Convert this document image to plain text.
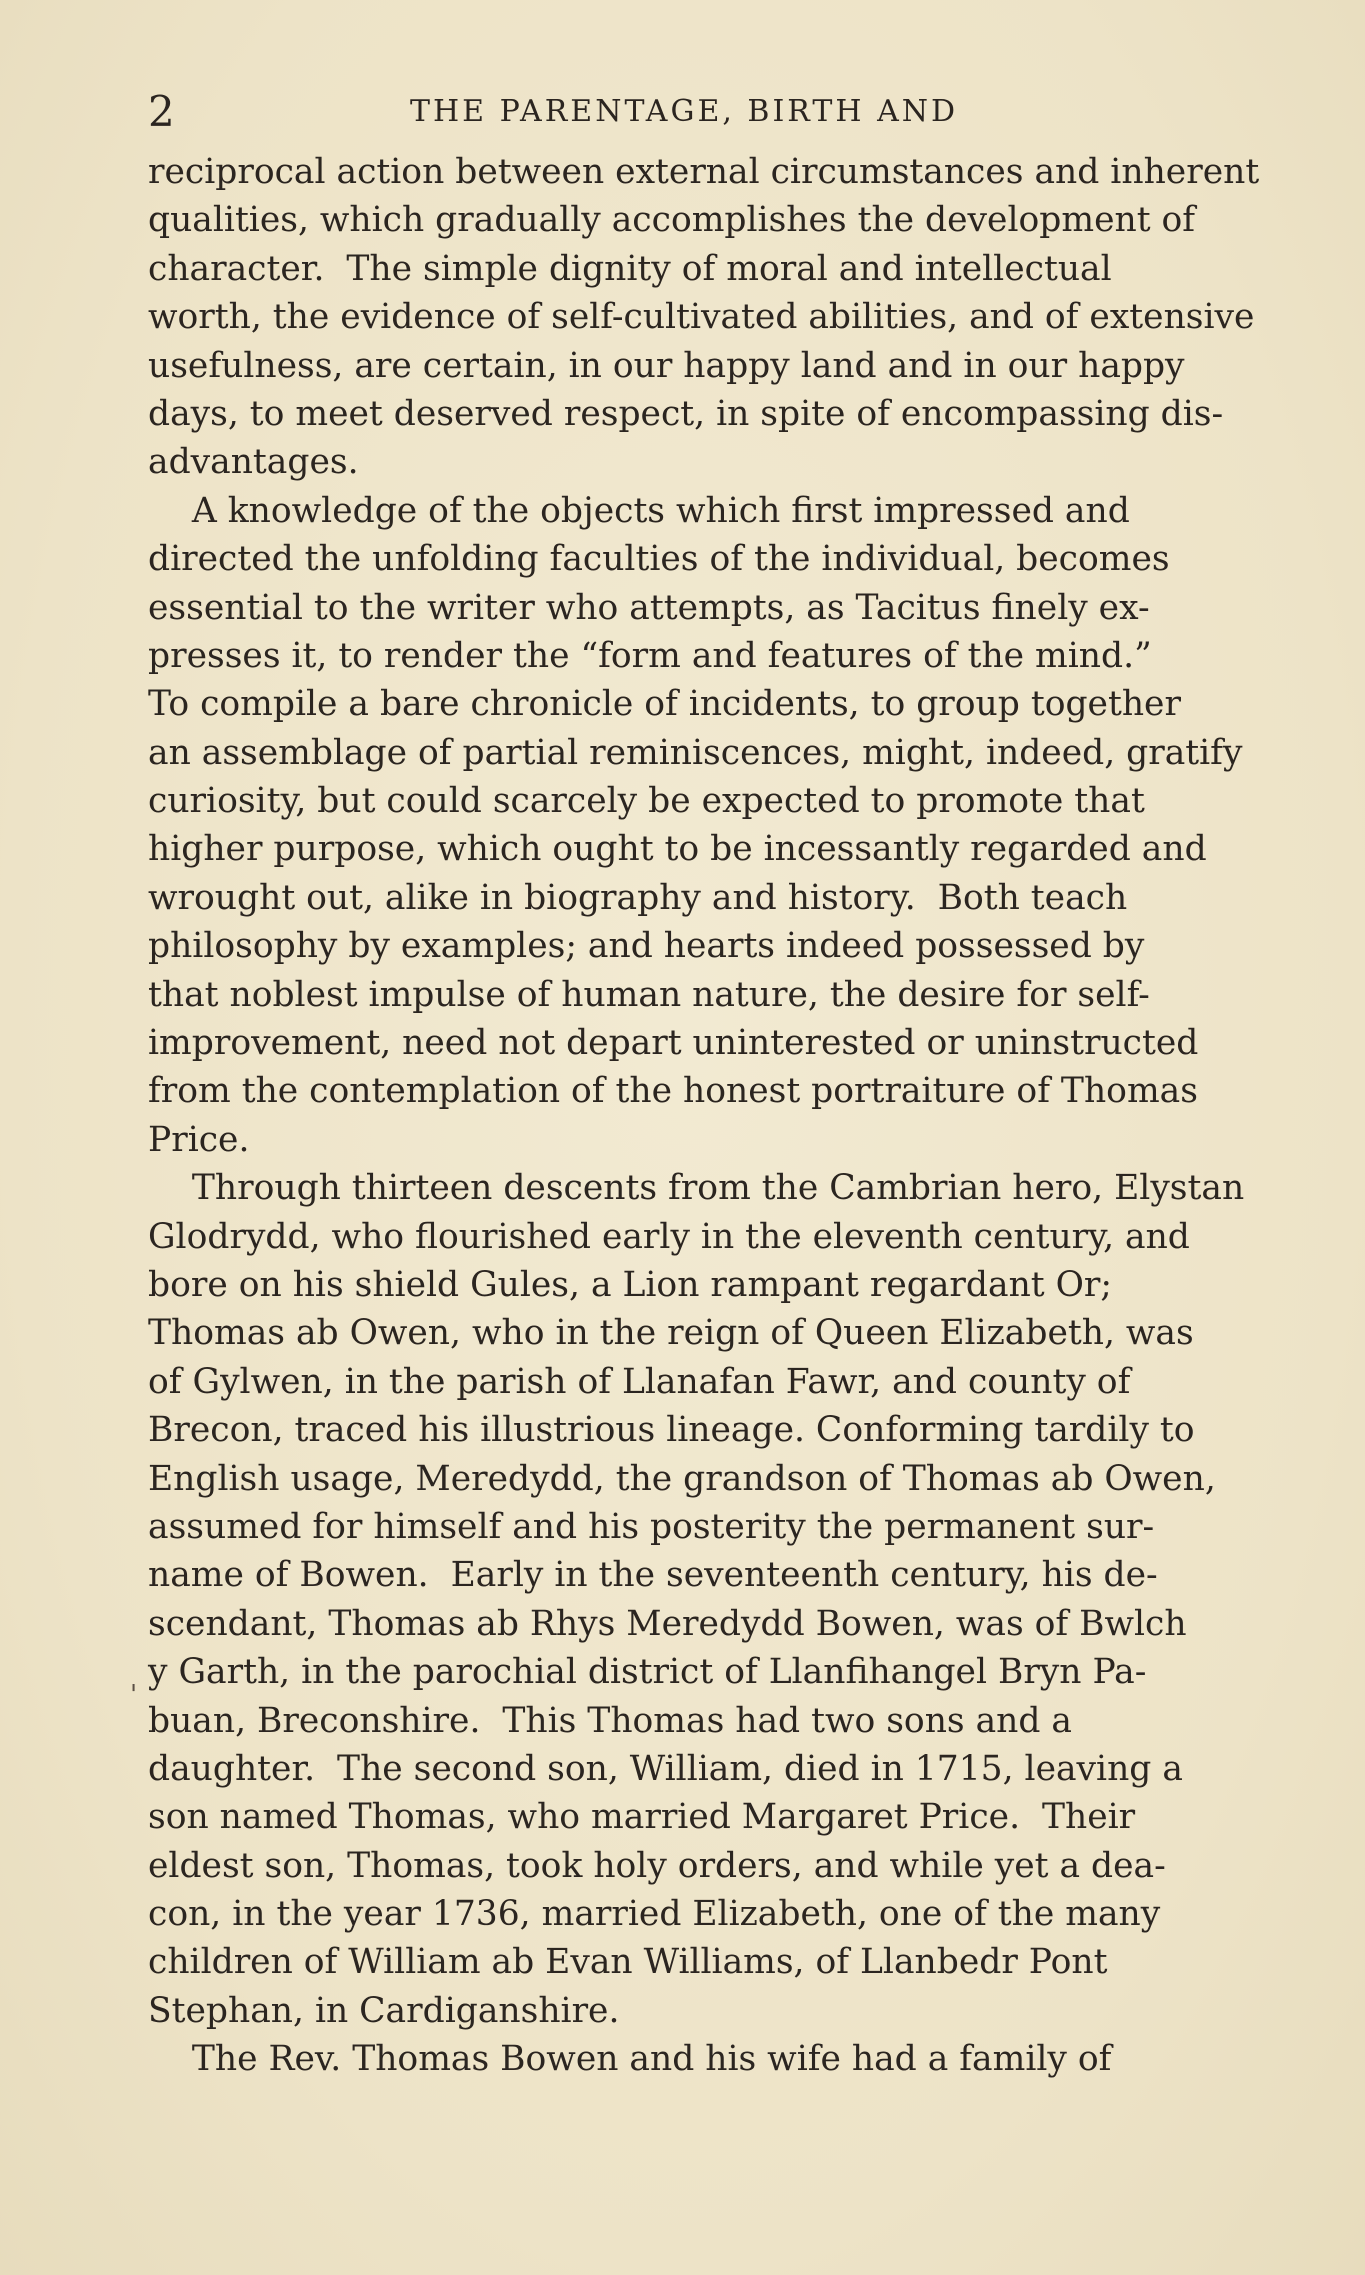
2	THE PARENTAGE, BIRTH AND
reciprocal action between external circumstances and inherent
qualities, which gradually accomplishes the development of
character.  The simple dignity of moral and intellectual
worth, the evidence of self-cultivated abilities, and of extensive
usefulness, are certain, in our happy land and in our happy
days, to meet deserved respect, in spite of encompassing dis-
advantages.
A knowledge of the objects which first impressed and
directed the unfolding faculties of the individual, becomes
essential to the writer who attempts, as Tacitus finely ex-
presses it, to render the “form and features of the mind.”
To compile a bare chronicle of incidents, to group together
an assemblage of partial reminiscences, might, indeed, gratify
curiosity, but could scarcely be expected to promote that
higher purpose, which ought to be incessantly regarded and
wrought out, alike in biography and history.  Both teach
philosophy by examples; and hearts indeed possessed by
that noblest impulse of human nature, the desire for self-
improvement, need not depart uninterested or uninstructed
from the contemplation of the honest portraiture of Thomas
Price.
Through thirteen descents from the Cambrian hero, Elystan
Glodrydd, who flourished early in the eleventh century, and
bore on his shield Gules, a Lion rampant regardant Or;
Thomas ab Owen, who in the reign of Queen Elizabeth, was
of Gylwen, in the parish of Llanafan Fawr, and county of
Brecon, traced his illustrious lineage. Conforming tardily to
English usage, Meredydd, the grandson of Thomas ab Owen,
assumed for himself and his posterity the permanent sur-
name of Bowen.  Early in the seventeenth century, his de-
scendant, Thomas ab Rhys Meredydd Bowen, was of Bwlch
y Garth, in the parochial district of Llanfihangel Bryn Pa-
buan, Breconshire.  This Thomas had two sons and a
daughter.  The second son, William, died in 1715, leaving a
son named Thomas, who married Margaret Price.  Their
eldest son, Thomas, took holy orders, and while yet a dea-
con, in the year 1736, married Elizabeth, one of the many
children of William ab Evan Williams, of Llanbedr Pont
Stephan, in Cardiganshire.
The Rev. Thomas Bowen and his wife had a family of
'
